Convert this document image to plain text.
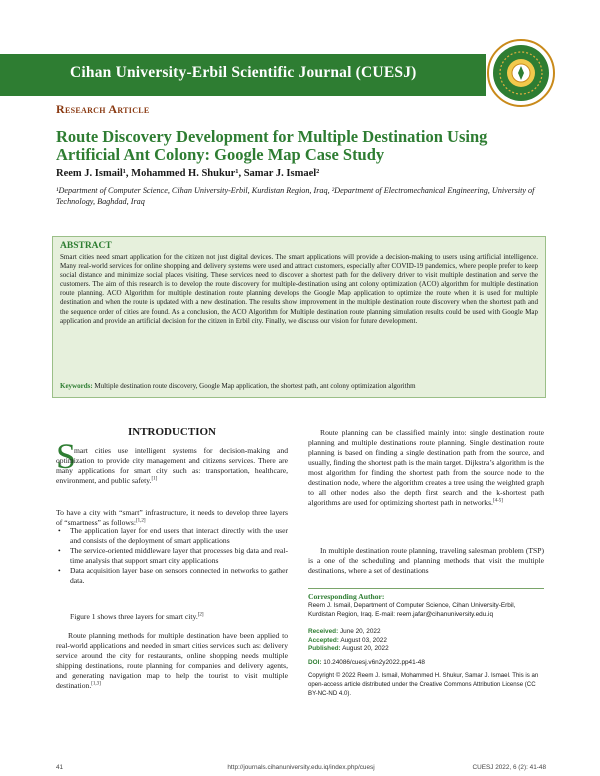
Cihan University-Erbil Scientific Journal (CUESJ)
Research Article
Route Discovery Development for Multiple Destination Using Artificial Ant Colony: Google Map Case Study
Reem J. Ismail¹, Mohammed H. Shukur¹, Samar J. Ismael²
¹Department of Computer Science, Cihan University-Erbil, Kurdistan Region, Iraq, ²Department of Electromechanical Engineering, University of Technology, Baghdad, Iraq
ABSTRACT
Smart cities need smart application for the citizen not just digital devices. The smart applications will provide a decision-making to users using artificial intelligence. Many real-world services for online shopping and delivery systems were used and attract customers, especially after COVID-19 pandemics, where people prefer to keep social distance and minimize social places visiting. These services need to discover a shortest path for the delivery driver to visit multiple destination and serve the customers. The aim of this research is to develop the route discovery for multiple-destination using ant colony optimization (ACO) algorithm for multiple destination route planning. ACO Algorithm for multiple destination route planning develops the Google Map application to optimize the route when it is used for multiple destination and when the route is updated with a new destination. The results show improvement in the multiple destination route discovery when the shortest path and the sequence order of cities are found. As a conclusion, the ACO Algorithm for Multiple destination route planning simulation results could be used with Google Map application and provide an artificial decision for the citizen in Erbil city. Finally, we discuss our vision for future development.
Keywords: Multiple destination route discovery, Google Map application, the shortest path, ant colony optimization algorithm
INTRODUCTION
S
mart cities use intelligent systems for decision-making and optimization to provide city management and citizens services. There are many applications for smart city such as: transportation, healthcare, environment, and public safety.[1]
To have a city with “smart” infrastructure, it needs to develop three layers of “smartness” as follows:[1,2]
• The application layer for end users that interact directly with the user and consists of the deployment of smart applications
• The service-oriented middleware layer that processes big data and real-time analysis that support smart city applications
• Data acquisition layer base on sensors connected in networks to gather data.
Figure 1 shows three layers for smart city.[2]
Route planning methods for multiple destination have been applied to real-world applications and needed in smart cities services such as: delivery service around the city for restaurants, online shopping needs multiple shipping destinations, route planning for companies and delivery agents, and generating navigation map to help the tourist to visit multiple destination.[1,3]
Route planning can be classified mainly into: single destination route planning and multiple destinations route planning. Single destination route planning is based on finding a single destination path from the source, and usually, finding the shortest path is the main target. Dijkstra’s algorithm is the most algorithm for finding the shortest path from the source node to the destination node, where the algorithm creates a tree using the weighted graph to all other nodes also the depth first search and the k-shortest path algorithms are used for optimizing shortest path in networks.[4-5]
In multiple destination route planning, traveling salesman problem (TSP) is a one of the scheduling and planning methods that visit the multiple destinations, where a set of destinations
Corresponding Author:
Reem J. Ismail, Department of Computer Science, Cihan University-Erbil, Kurdistan Region, Iraq. E-mail: reem.jafar@cihanuniversity.edu.iq
Received: June 20, 2022
Accepted: August 03, 2022
Published: August 20, 2022
DOI: 10.24086/cuesj.v6n2y2022.pp41-48
Copyright © 2022 Reem J. Ismail, Mohammed H. Shukur, Samar J. Ismael. This is an open-access article distributed under the Creative Commons Attribution License (CC BY-NC-ND 4.0).
41	http://journals.cihanuniversity.edu.iq/index.php/cuesj	CUESJ 2022, 6 (2): 41-48
